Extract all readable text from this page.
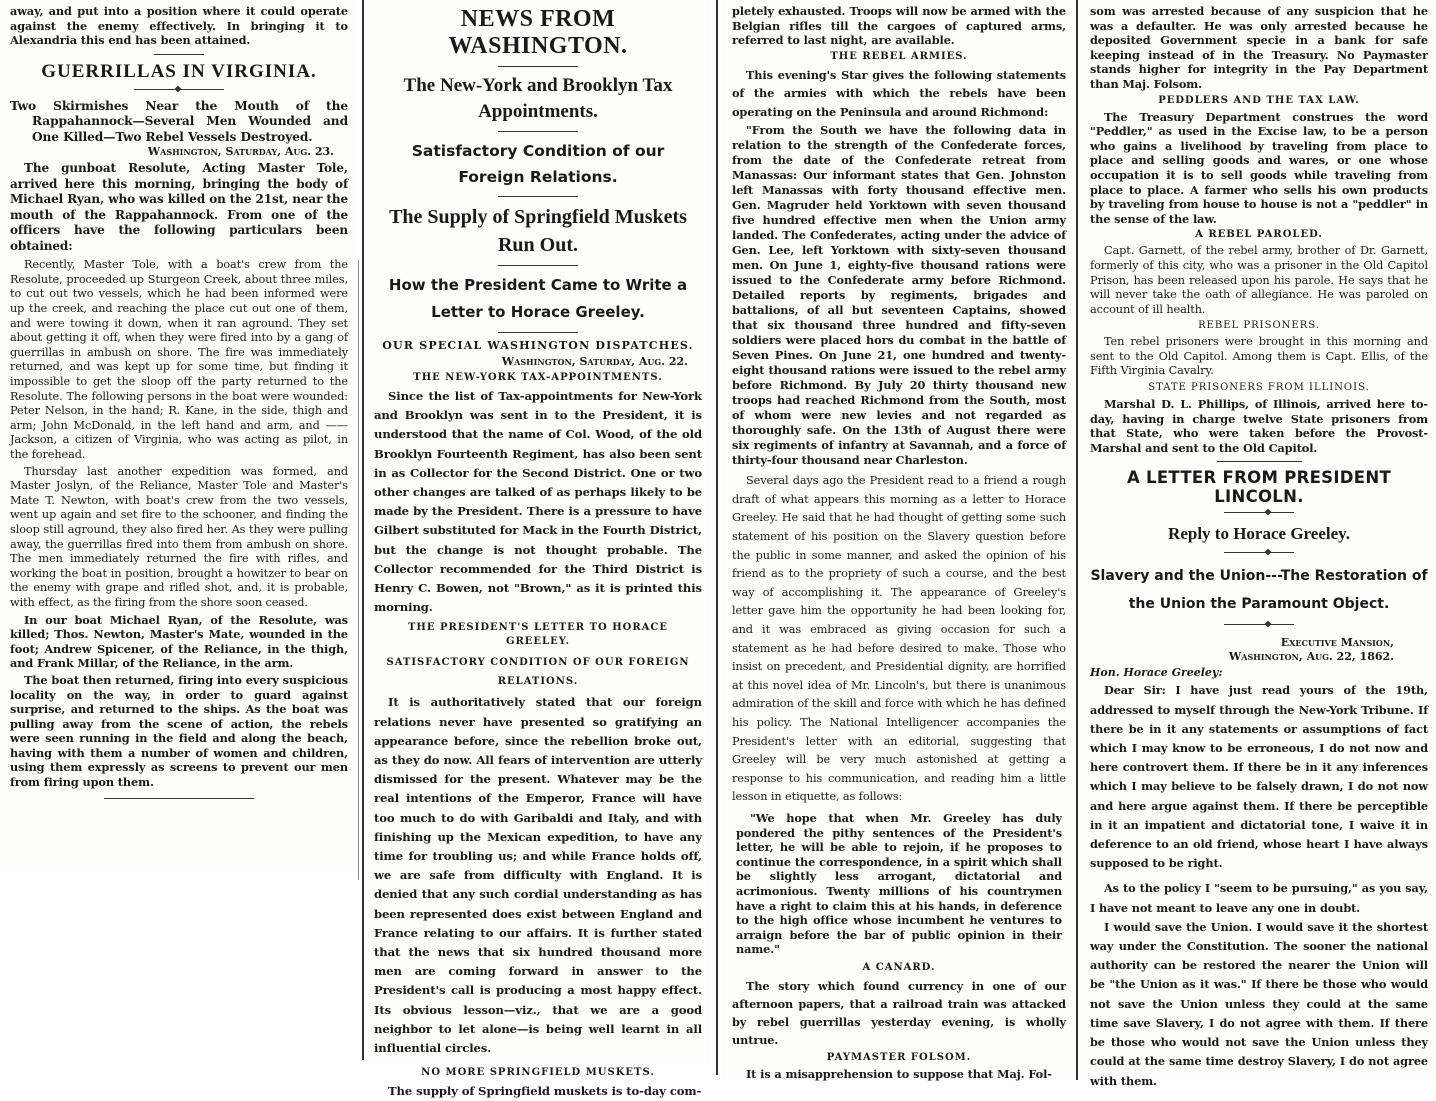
away, and put into a position where it could operate against the enemy effectively. In bringing it to Alexandria this end has been attained.

GUERRILLAS IN VIRGINIA.

Two Skirmishes Near the Mouth of the Rappahannock—Several Men Wounded and One Killed—Two Rebel Vessels Destroyed.

Washington, Saturday, Aug. 23.

The gunboat Resolute, Acting Master Tole, arrived here this morning, bringing the body of Michael Ryan, who was killed on the 21st, near the mouth of the Rappahannock. From one of the officers have the following particulars been obtained:

Recently, Master Tole, with a boat's crew from the Resolute, proceeded up Sturgeon Creek, about three miles, to cut out two vessels, which he had been informed were up the creek, and reaching the place cut out one of them, and were towing it down, when it ran aground. They set about getting it off, when they were fired into by a gang of guerrillas in ambush on shore. The fire was immediately returned, and was kept up for some time, but finding it impossible to get the sloop off the party returned to the Resolute. The following persons in the boat were wounded: Peter Nelson, in the hand; R. Kane, in the side, thigh and arm; John McDonald, in the left hand and arm, and —— Jackson, a citizen of Virginia, who was acting as pilot, in the forehead.

Thursday last another expedition was formed, and Master Joslyn, of the Reliance, Master Tole and Master's Mate T. Newton, with boat's crew from the two vessels, went up again and set fire to the schooner, and finding the sloop still aground, they also fired her. As they were pulling away, the guerrillas fired into them from ambush on shore. The men immediately returned the fire with rifles, and working the boat in position, brought a howitzer to bear on the enemy with grape and rifled shot, and, it is probable, with effect, as the firing from the shore soon ceased.

In our boat Michael Ryan, of the Resolute, was killed; Thos. Newton, Master's Mate, wounded in the foot; Andrew Spicener, of the Reliance, in the thigh, and Frank Millar, of the Reliance, in the arm.

The boat then returned, firing into every suspicious locality on the way, in order to guard against surprise, and returned to the ships. As the boat was pulling away from the scene of action, the rebels were seen running in the field and along the beach, having with them a number of women and children, using them expressly as screens to prevent our men from firing upon them.

NEWS FROM WASHINGTON.
The New-York and Brooklyn Tax Appointments.
Satisfactory Condition of our Foreign Relations.
The Supply of Springfield Muskets Run Out.
How the President Came to Write a Letter to Horace Greeley.
OUR SPECIAL WASHINGTON DISPATCHES.
Washington, Saturday, Aug. 22.
THE NEW-YORK TAX-APPOINTMENTS.

Since the list of Tax-appointments for New-York and Brooklyn was sent in to the President, it is understood that the name of Col. Wood, of the old Brooklyn Fourteenth Regiment, has also been sent in as Collector for the Second District. One or two other changes are talked of as perhaps likely to be made by the President. There is a pressure to have Gilbert substituted for Mack in the Fourth District, but the change is not thought probable. The Collector recommended for the Third District is Henry C. Bowen, not "Brown," as it is printed this morning.

THE PRESIDENT'S LETTER TO HORACE GREELEY.
SATISFACTORY CONDITION OF OUR FOREIGN RELATIONS.

It is authoritatively stated that our foreign relations never have presented so gratifying an appearance before, since the rebellion broke out, as they do now. All fears of intervention are utterly dismissed for the present. Whatever may be the real intentions of the Emperor, France will have too much to do with Garibaldi and Italy, and with finishing up the Mexican expedition, to have any time for troubling us; and while France holds off, we are safe from difficulty with England. It is denied that any such cordial understanding as has been represented does exist between England and France relating to our affairs. It is further stated that the news that six hundred thousand more men are coming forward in answer to the President's call is producing a most happy effect. Its obvious lesson—viz., that we are a good neighbor to let alone—is being well learnt in all influential circles.

NO MORE SPRINGFIELD MUSKETS.

The supply of Springfield muskets is to-day com-

pletely exhausted. Troops will now be armed with the Belgian rifles till the cargoes of captured arms, referred to last night, are available.

THE REBEL ARMIES.

This evening's Star gives the following statements of the armies with which the rebels have been operating on the Peninsula and around Richmond:

"From the South we have the following data in relation to the strength of the Confederate forces, from the date of the Confederate retreat from Manassas: Our informant states that Gen. Johnston left Manassas with forty thousand effective men. Gen. Magruder held Yorktown with seven thousand five hundred effective men when the Union army landed. The Confederates, acting under the advice of Gen. Lee, left Yorktown with sixty-seven thousand men. On June 1, eighty-five thousand rations were issued to the Confederate army before Richmond. Detailed reports by regiments, brigades and battalions, of all but seventeen Captains, showed that six thousand three hundred and fifty-seven soldiers were placed hors du combat in the battle of Seven Pines. On June 21, one hundred and twenty-eight thousand rations were issued to the rebel army before Richmond. By July 20 thirty thousand new troops had reached Richmond from the South, most of whom were new levies and not regarded as thoroughly safe. On the 13th of August there were six regiments of infantry at Savannah, and a force of thirty-four thousand near Charleston.

Several days ago the President read to a friend a rough draft of what appears this morning as a letter to Horace Greeley. He said that he had thought of getting some such statement of his position on the Slavery question before the public in some manner, and asked the opinion of his friend as to the propriety of such a course, and the best way of accomplishing it. The appearance of Greeley's letter gave him the opportunity he had been looking for, and it was embraced as giving occasion for such a statement as he had before desired to make. Those who insist on precedent, and Presidential dignity, are horrified at this novel idea of Mr. Lincoln's, but there is unanimous admiration of the skill and force with which he has defined his policy. The National Intelligencer accompanies the President's letter with an editorial, suggesting that Greeley will be very much astonished at getting a response to his communication, and reading him a little lesson in etiquette, as follows:

"We hope that when Mr. Greeley has duly pondered the pithy sentences of the President's letter, he will be able to rejoin, if he proposes to continue the correspondence, in a spirit which shall be slightly less arrogant, dictatorial and acrimonious. Twenty millions of his countrymen have a right to claim this at his hands, in deference to the high office whose incumbent he ventures to arraign before the bar of public opinion in their name."

A CANARD.

The story which found currency in one of our afternoon papers, that a railroad train was attacked by rebel guerrillas yesterday evening, is wholly untrue.

PAYMASTER FOLSOM.

It is a misapprehension to suppose that Maj. Fol-

som was arrested because of any suspicion that he was a defaulter. He was only arrested because he deposited Government specie in a bank for safe keeping instead of in the Treasury. No Paymaster stands higher for integrity in the Pay Department than Maj. Folsom.

PEDDLERS AND THE TAX LAW.

The Treasury Department construes the word "Peddler," as used in the Excise law, to be a person who gains a livelihood by traveling from place to place and selling goods and wares, or one whose occupation it is to sell goods while traveling from place to place. A farmer who sells his own products by traveling from house to house is not a "peddler" in the sense of the law.

A REBEL PAROLED.

Capt. Garnett, of the rebel army, brother of Dr. Garnett, formerly of this city, who was a prisoner in the Old Capitol Prison, has been released upon his parole. He says that he will never take the oath of allegiance. He was paroled on account of ill health.

REBEL PRISONERS.

Ten rebel prisoners were brought in this morning and sent to the Old Capitol. Among them is Capt. Ellis, of the Fifth Virginia Cavalry.

STATE PRISONERS FROM ILLINOIS.

Marshal D. L. Phillips, of Illinois, arrived here to-day, having in charge twelve State prisoners from that State, who were taken before the Provost-Marshal and sent to the Old Capitol.

A LETTER FROM PRESIDENT LINCOLN.
Reply to Horace Greeley.
Slavery and the Union---The Restoration of the Union the Paramount Object.
Executive Mansion,
Washington, Aug. 22, 1862.
Hon. Horace Greeley:

Dear Sir: I have just read yours of the 19th, addressed to myself through the New-York Tribune. If there be in it any statements or assumptions of fact which I may know to be erroneous, I do not now and here controvert them. If there be in it any inferences which I may believe to be falsely drawn, I do not now and here argue against them. If there be perceptible in it an impatient and dictatorial tone, I waive it in deference to an old friend, whose heart I have always supposed to be right.

As to the policy I "seem to be pursuing," as you say, I have not meant to leave any one in doubt.

I would save the Union. I would save it the shortest way under the Constitution. The sooner the national authority can be restored the nearer the Union will be "the Union as it was." If there be those who would not save the Union unless they could at the same time save Slavery, I do not agree with them. If there be those who would not save the Union unless they could at the same time destroy Slavery, I do not agree with them.
